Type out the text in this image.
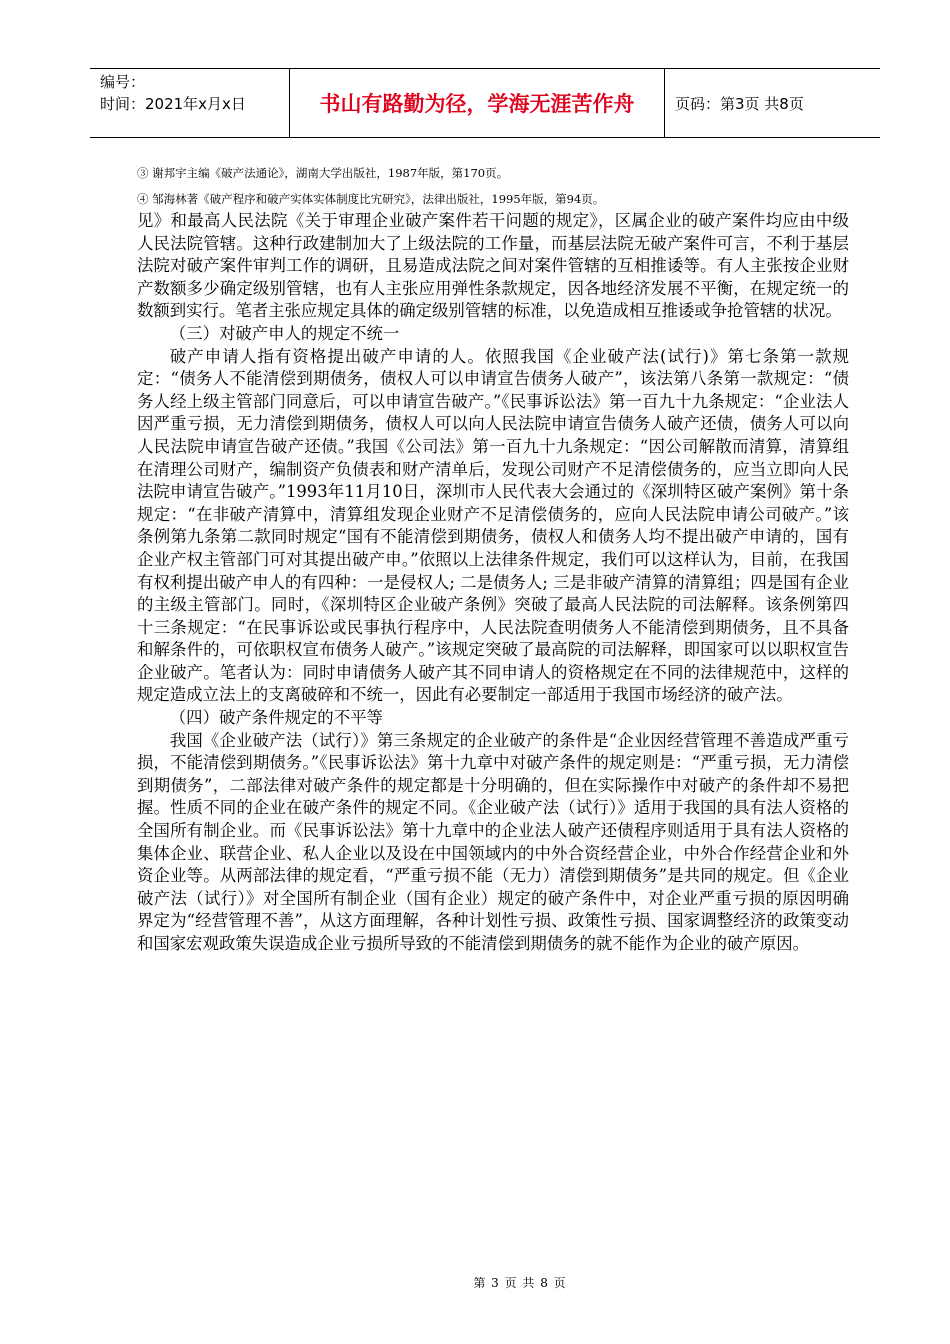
编号：
时间：2021年x月x日	书山有路勤为径，学海无涯苦作舟	页码：第3页 共8页
③ 谢邦宇主编《破产法通论》，湖南大学出版社，1987年版，第170页。
④ 邹海林著《破产程序和破产实体实体制度比宄研究》，法律出版社，1995年版，第94页。

见》和最高人民法院《关于审理企业破产案件若干问题的规定》，区属企业的破产案件均应由中级人民法院管辖。这种行政建制加大了上级法院的工作量，而基层法院无破产案件可言，不利于基层法院对破产案件审判工作的调研，且易造成法院之间对案件管辖的互相推诿等。有人主张按企业财产数额多少确定级别管辖，也有人主张应用弹性条款规定，因各地经济发展不平衡，在规定统一的数额到实行。笔者主张应规定具体的确定级别管辖的标准，以免造成相互推诿或争抢管辖的状况。

（三）对破产申人的规定不统一

破产申请人指有资格提出破产申请的人。依照我国《企业破产法(试行)》第七条第一款规定：“债务人不能清偿到期债务，债权人可以申请宣告债务人破产”，该法第八条第一款规定：“债务人经上级主管部门同意后，可以申请宣告破产。”《民事诉讼法》第一百九十九条规定：“企业法人因严重亏损，无力清偿到期债务，债权人可以向人民法院申请宣告债务人破产还债，债务人可以向人民法院申请宣告破产还债。”我国《公司法》第一百九十九条规定：“因公司解散而清算，清算组在清理公司财产，编制资产负债表和财产清单后，发现公司财产不足清偿债务的，应当立即向人民法院申请宣告破产。”1993年11月10日，深圳市人民代表大会通过的《深圳特区破产案例》第十条规定：“在非破产清算中，清算组发现企业财产不足清偿债务的，应向人民法院申请公司破产。”该条例第九条第二款同时规定“国有不能清偿到期债务，债权人和债务人均不提出破产申请的，国有企业产权主管部门可对其提出破产申。”依照以上法律条件规定，我们可以这样认为，目前，在我国有权利提出破产申人的有四种：一是侵权人; 二是债务人; 三是非破产清算的清算组；四是国有企业的主级主管部门。同时，《深圳特区企业破产条例》突破了最高人民法院的司法解释。该条例第四十三条规定：“在民事诉讼或民事执行程序中，人民法院查明债务人不能清偿到期债务，且不具备和解条件的，可依职权宣布债务人破产。”该规定突破了最高院的司法解释，即国家可以以职权宣告企业破产。笔者认为：同时申请债务人破产其不同申请人的资格规定在不同的法律规范中，这样的规定造成立法上的支离破碎和不统一，因此有必要制定一部适用于我国市场经济的破产法。

（四）破产条件规定的不平等

我国《企业破产法（试行）》第三条规定的企业破产的条件是“企业因经营管理不善造成严重亏损，不能清偿到期债务。”《民事诉讼法》第十九章中对破产条件的规定则是：“严重亏损，无力清偿到期债务”，二部法律对破产条件的规定都是十分明确的，但在实际操作中对破产的条件却不易把握。性质不同的企业在破产条件的规定不同。《企业破产法（试行）》适用于我国的具有法人资格的全国所有制企业。而《民事诉讼法》第十九章中的企业法人破产还债程序则适用于具有法人资格的集体企业、联营企业、私人企业以及设在中国领域内的中外合资经营企业，中外合作经营企业和外资企业等。从两部法律的规定看，“严重亏损不能（无力）清偿到期债务”是共同的规定。但《企业破产法（试行）》对全国所有制企业（国有企业）规定的破产条件中，对企业严重亏损的原因明确界定为“经营管理不善”，从这方面理解，各种计划性亏损、政策性亏损、国家调整经济的政策变动和国家宏观政策失误造成企业亏损所导致的不能清偿到期债务的就不能作为企业的破产原因。

第 3 页 共 8 页
